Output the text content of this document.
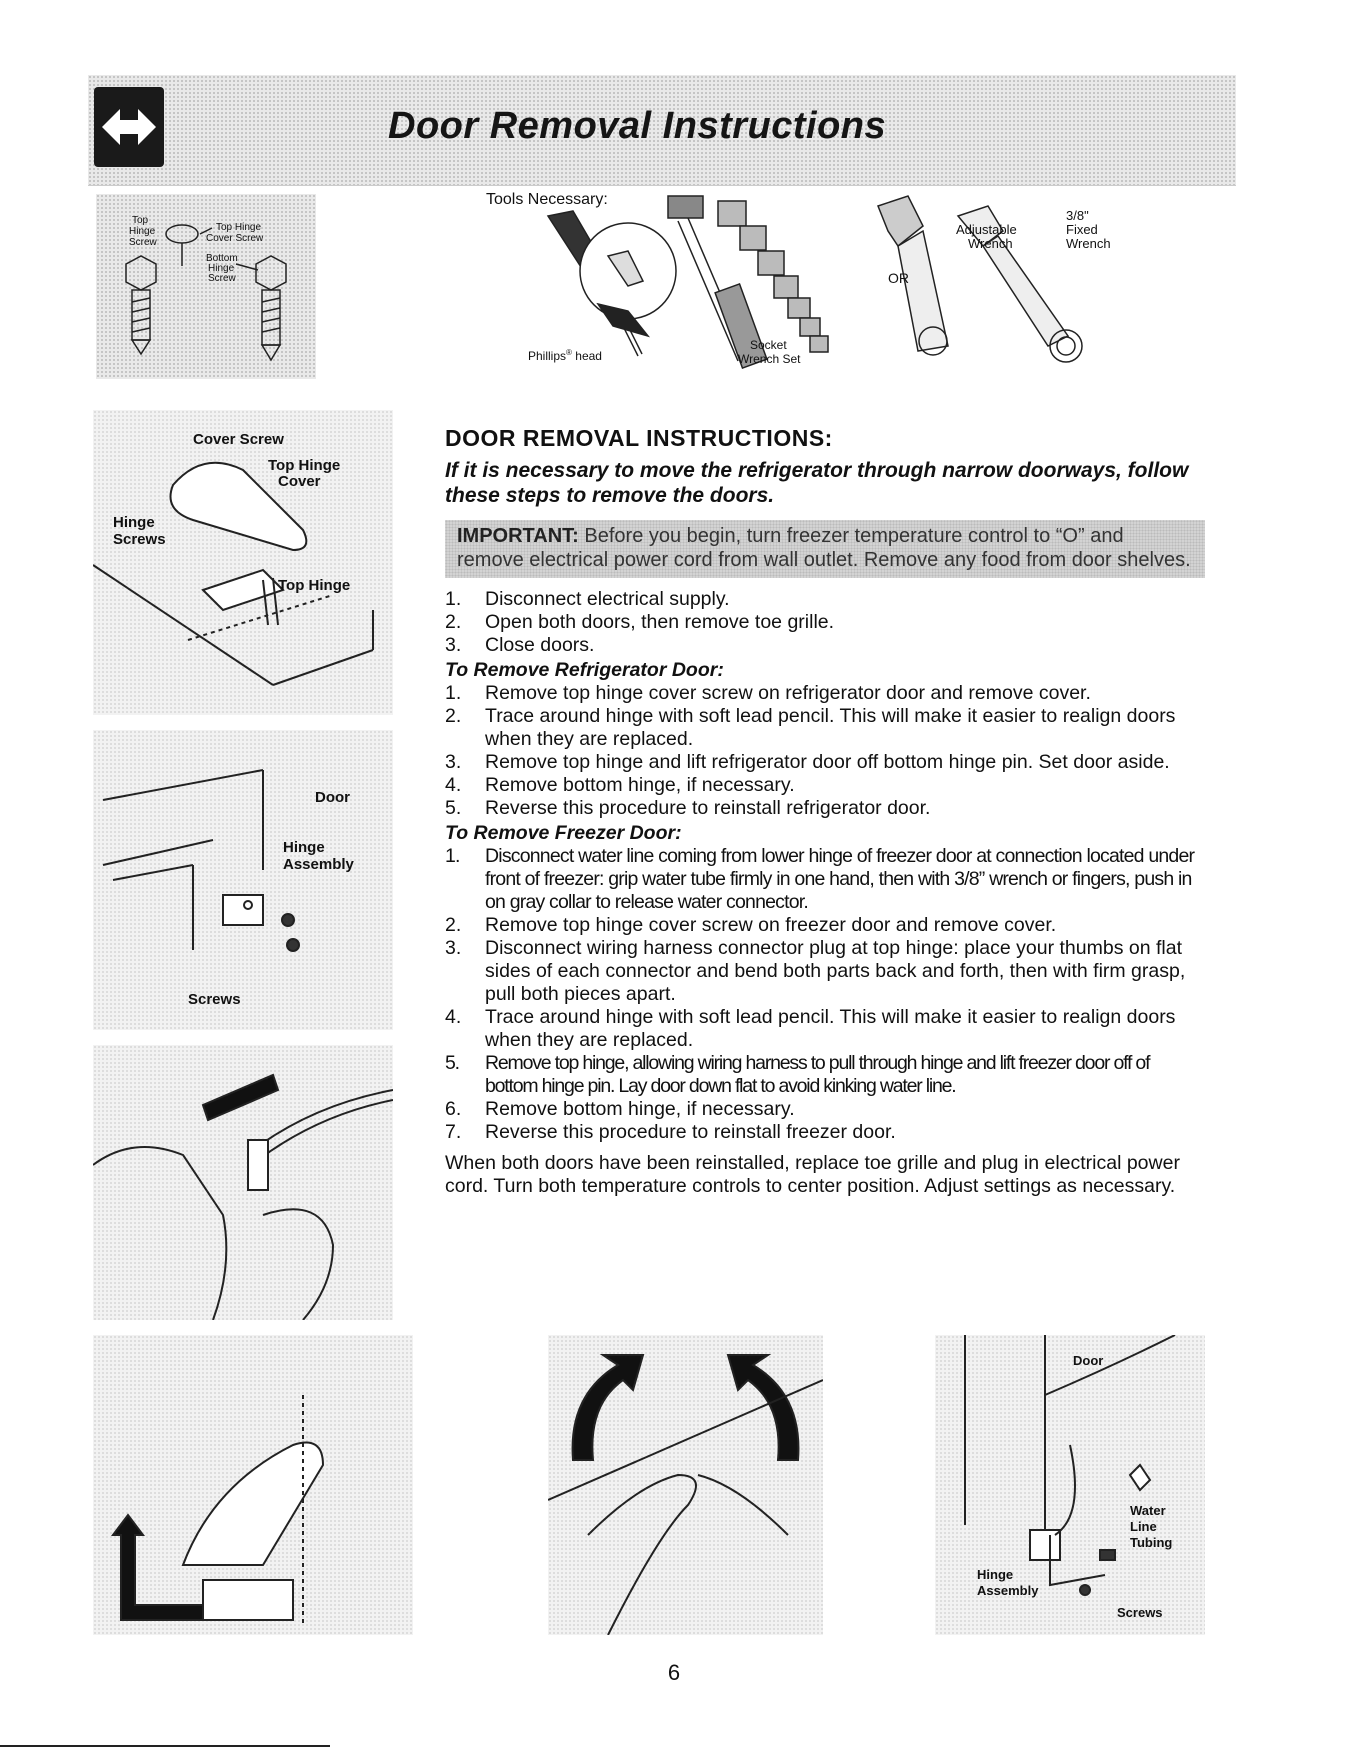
Door Removal Instructions
Top
Hinge
Screw
Top Hinge
Cover Screw
Bottom
Hinge
Screw
Tools Necessary:
Phillips® head
Socket
Wrench Set
OR
Adjustable
Wrench
3/8"
Fixed
Wrench
Cover Screw
Top Hinge
Cover
Hinge
Screws
Top Hinge
Door
Hinge
Assembly
Screws
Door
Water
Line
Tubing
Hinge
Assembly
Screws
DOOR REMOVAL INSTRUCTIONS:
If it is necessary to move the refrigerator through narrow doorways, follow these steps to remove the doors.
IMPORTANT: Before you begin, turn freezer temperature control to “O” and remove electrical power cord from wall outlet. Remove any food from door shelves.
1. Disconnect electrical supply.
2. Open both doors, then remove toe grille.
3. Close doors.
To Remove Refrigerator Door:
1. Remove top hinge cover screw on refrigerator door and remove cover.
2. Trace around hinge with soft lead pencil. This will make it easier to realign doors when they are replaced.
3. Remove top hinge and lift refrigerator door off bottom hinge pin. Set door aside.
4. Remove bottom hinge, if necessary.
5. Reverse this procedure to reinstall refrigerator door.
To Remove Freezer Door:
1. Disconnect water line coming from lower hinge of freezer door at connection located under front of freezer: grip water tube firmly in one hand, then with 3/8” wrench or fingers, push in on gray collar to release water connector.
2. Remove top hinge cover screw on freezer door and remove cover.
3. Disconnect wiring harness connector plug at top hinge: place your thumbs on flat sides of each connector and bend both parts back and forth, then with firm grasp, pull both pieces apart.
4. Trace around hinge with soft lead pencil. This will make it easier to realign doors when they are replaced.
5. Remove top hinge, allowing wiring harness to pull through hinge and lift freezer door off of bottom hinge pin. Lay door down flat to avoid kinking water line.
6. Remove bottom hinge, if necessary.
7. Reverse this procedure to reinstall freezer door.
When both doors have been reinstalled, replace toe grille and plug in electrical power cord. Turn both temperature controls to center position. Adjust settings as necessary.
6
